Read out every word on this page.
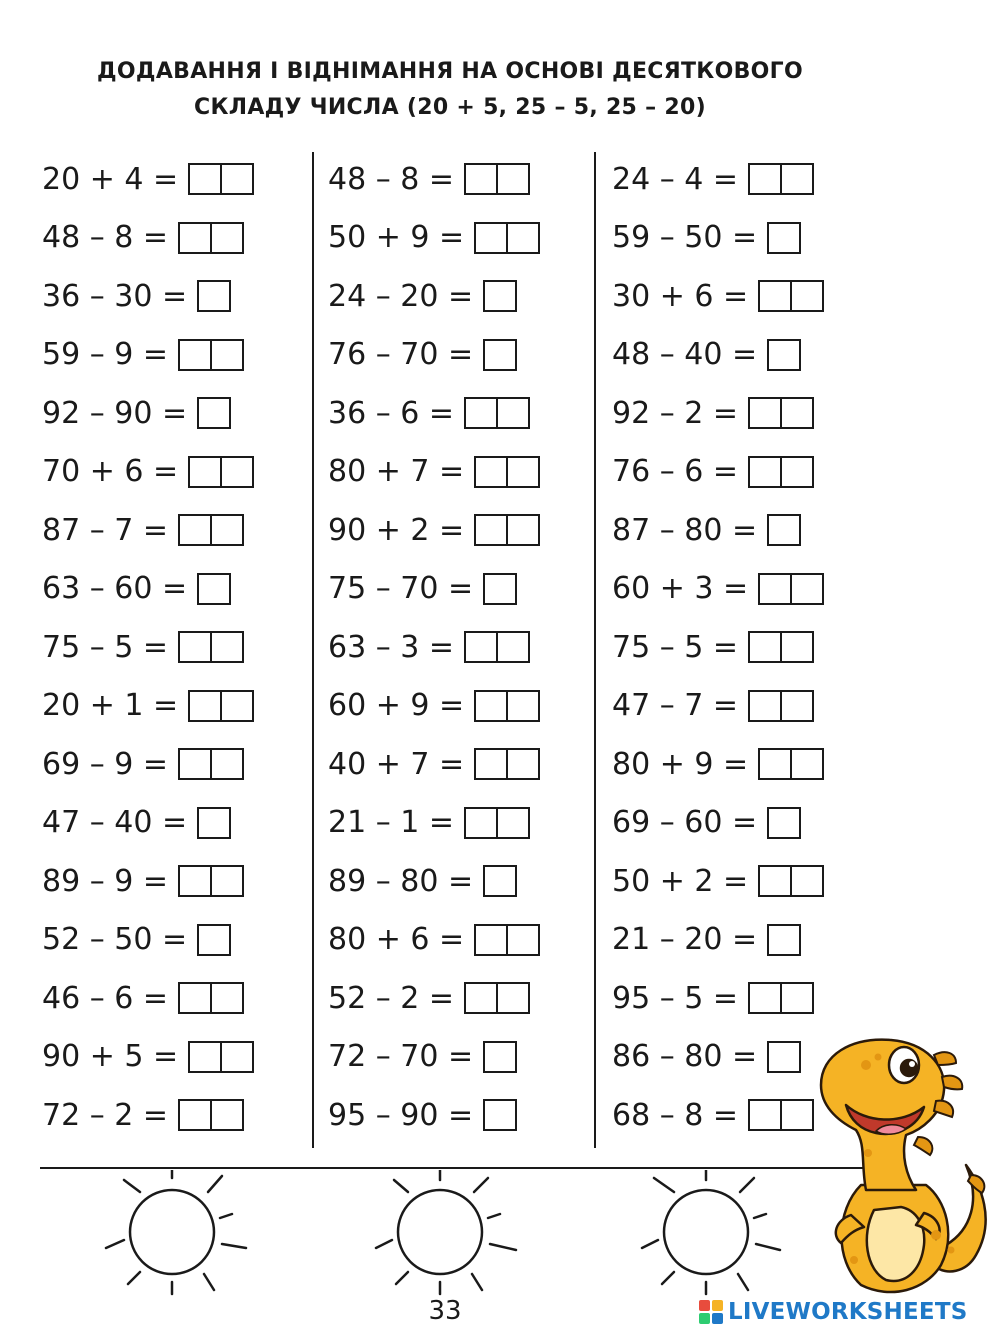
ДОДАВАННЯ І ВІДНІМАННЯ НА ОСНОВІ ДЕСЯТКОВОГО
СКЛАДУ ЧИСЛА (20 + 5, 25 – 5, 25 – 20)
20 + 4 =
48 – 8 =
36 – 30 =
59 – 9 =
92 – 90 =
70 + 6 =
87 – 7 =
63 – 60 =
75 – 5 =
20 + 1 =
69 – 9 =
47 – 40 =
89 – 9 =
52 – 50 =
46 – 6 =
90 + 5 =
72 – 2 =
48 – 8 =
50 + 9 =
24 – 20 =
76 – 70 =
36 – 6 =
80 + 7 =
90 + 2 =
75 – 70 =
63 – 3 =
60 + 9 =
40 + 7 =
21 – 1 =
89 – 80 =
80 + 6 =
52 – 2 =
72 – 70 =
95 – 90 =
24 – 4 =
59 – 50 =
30 + 6 =
48 – 40 =
92 – 2 =
76 – 6 =
87 – 80 =
60 + 3 =
75 – 5 =
47 – 7 =
80 + 9 =
69 – 60 =
50 + 2 =
21 – 20 =
95 – 5 =
86 – 80 =
68 – 8 =
33	LIVEWORKSHEETS
